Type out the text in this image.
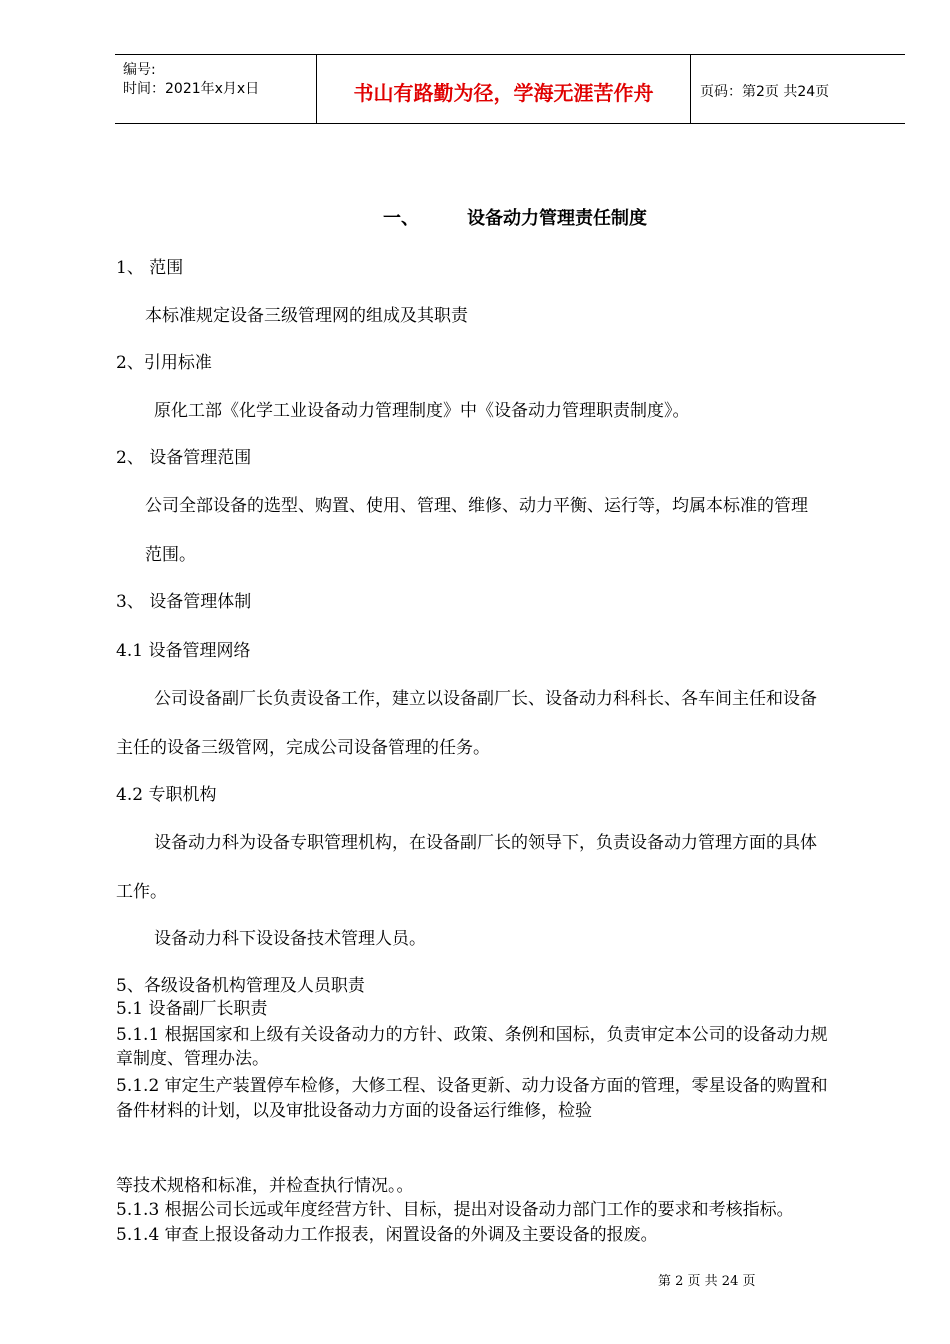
编号:
时间：2021年x月x日	书山有路勤为径，学海无涯苦作舟	页码：第2页 共24页
一、	设备动力管理责任制度
1、 范围
本标准规定设备三级管理网的组成及其职责
2、引用标准
原化工部《化学工业设备动力管理制度》中《设备动力管理职责制度》。
2、 设备管理范围
公司全部设备的选型、购置、使用、管理、维修、动力平衡、运行等，均属本标准的管理
范围。
3、 设备管理体制
4.1 设备管理网络
公司设备副厂长负责设备工作，建立以设备副厂长、设备动力科科长、各车间主任和设备
主任的设备三级管网，完成公司设备管理的任务。
4.2 专职机构
设备动力科为设备专职管理机构，在设备副厂长的领导下，负责设备动力管理方面的具体
工作。
设备动力科下设设备技术管理人员。
5、各级设备机构管理及人员职责
5.1 设备副厂长职责
5.1.1 根据国家和上级有关设备动力的方针、政策、条例和国标，负责审定本公司的设备动力规
章制度、管理办法。
5.1.2 审定生产装置停车检修，大修工程、设备更新、动力设备方面的管理，零星设备的购置和
备件材料的计划，以及审批设备动力方面的设备运行维修，检验
等技术规格和标准，并检查执行情况。。
5.1.3 根据公司长远或年度经营方针、目标，提出对设备动力部门工作的要求和考核指标。
5.1.4 审查上报设备动力工作报表，闲置设备的外调及主要设备的报废。
第 2 页 共 24 页
